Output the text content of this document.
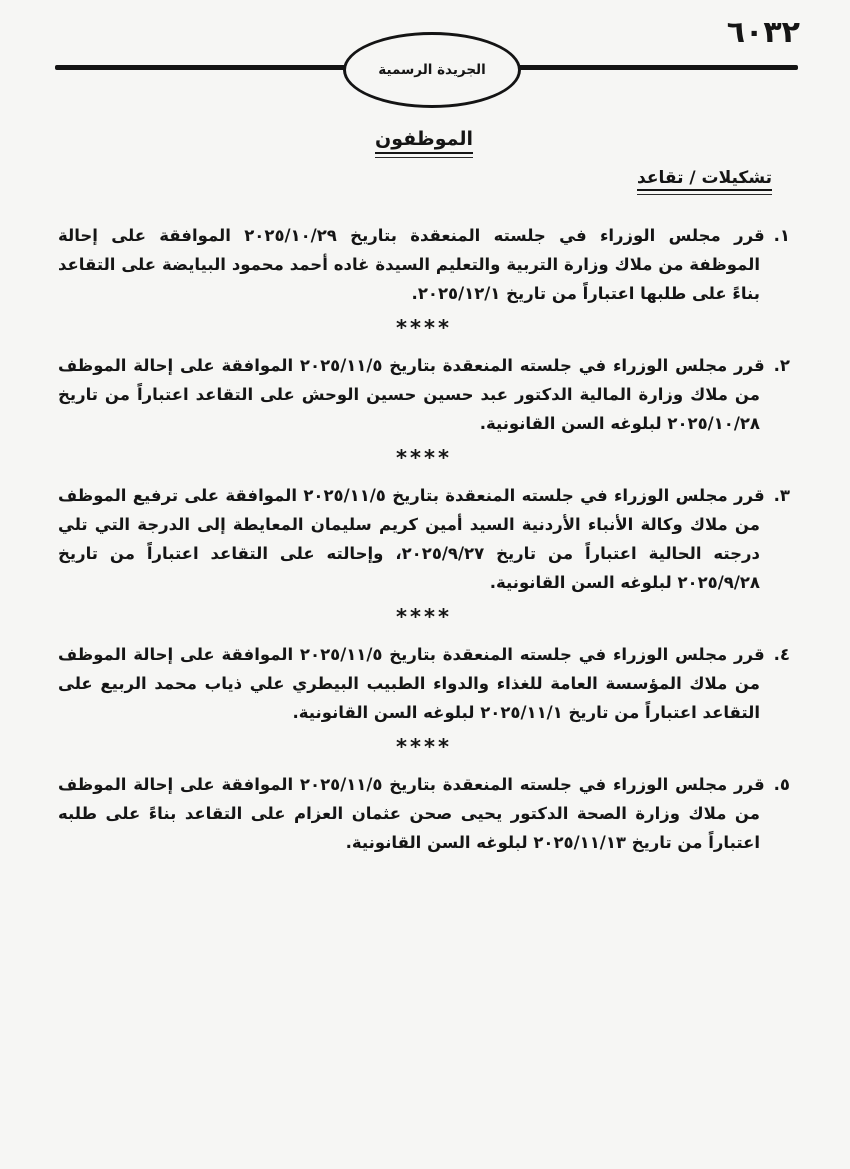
٦٠٣٢
الجريدة الرسمية
الموظفون
تشكيلات / تقاعد

١.قرر مجلس الوزراء في جلسته المنعقدة بتاريخ ٢٠٢٥/١٠/٢٩ الموافقة على إحالة الموظفة من ملاك وزارة التربية والتعليم السيدة غاده أحمد محمود البيايضة على التقاعد بناءً على طلبها اعتباراً من تاريخ ٢٠٢٥/١٢/١.

****

٢.قرر مجلس الوزراء في جلسته المنعقدة بتاريخ ٢٠٢٥/١١/٥ الموافقة على إحالة الموظف من ملاك وزارة المالية الدكتور عبد حسين حسين الوحش على التقاعد اعتباراً من تاريخ ٢٠٢٥/١٠/٢٨ لبلوغه السن القانونية.

****

٣.قرر مجلس الوزراء في جلسته المنعقدة بتاريخ ٢٠٢٥/١١/٥ الموافقة على ترفيع الموظف من ملاك وكالة الأنباء الأردنية السيد أمين كريم سليمان المعايطة إلى الدرجة التي تلي درجته الحالية اعتباراً من تاريخ ٢٠٢٥/٩/٢٧، وإحالته على التقاعد اعتباراً من تاريخ ٢٠٢٥/٩/٢٨ لبلوغه السن القانونية.

****

٤.قرر مجلس الوزراء في جلسته المنعقدة بتاريخ ٢٠٢٥/١١/٥ الموافقة على إحالة الموظف من ملاك المؤسسة العامة للغذاء والدواء الطبيب البيطري علي ذياب محمد الربيع على التقاعد اعتباراً من تاريخ ٢٠٢٥/١١/١ لبلوغه السن القانونية.

****

٥.قرر مجلس الوزراء في جلسته المنعقدة بتاريخ ٢٠٢٥/١١/٥ الموافقة على إحالة الموظف من ملاك وزارة الصحة الدكتور يحيى صحن عثمان العزام على التقاعد بناءً على طلبه اعتباراً من تاريخ ٢٠٢٥/١١/١٣ لبلوغه السن القانونية.
